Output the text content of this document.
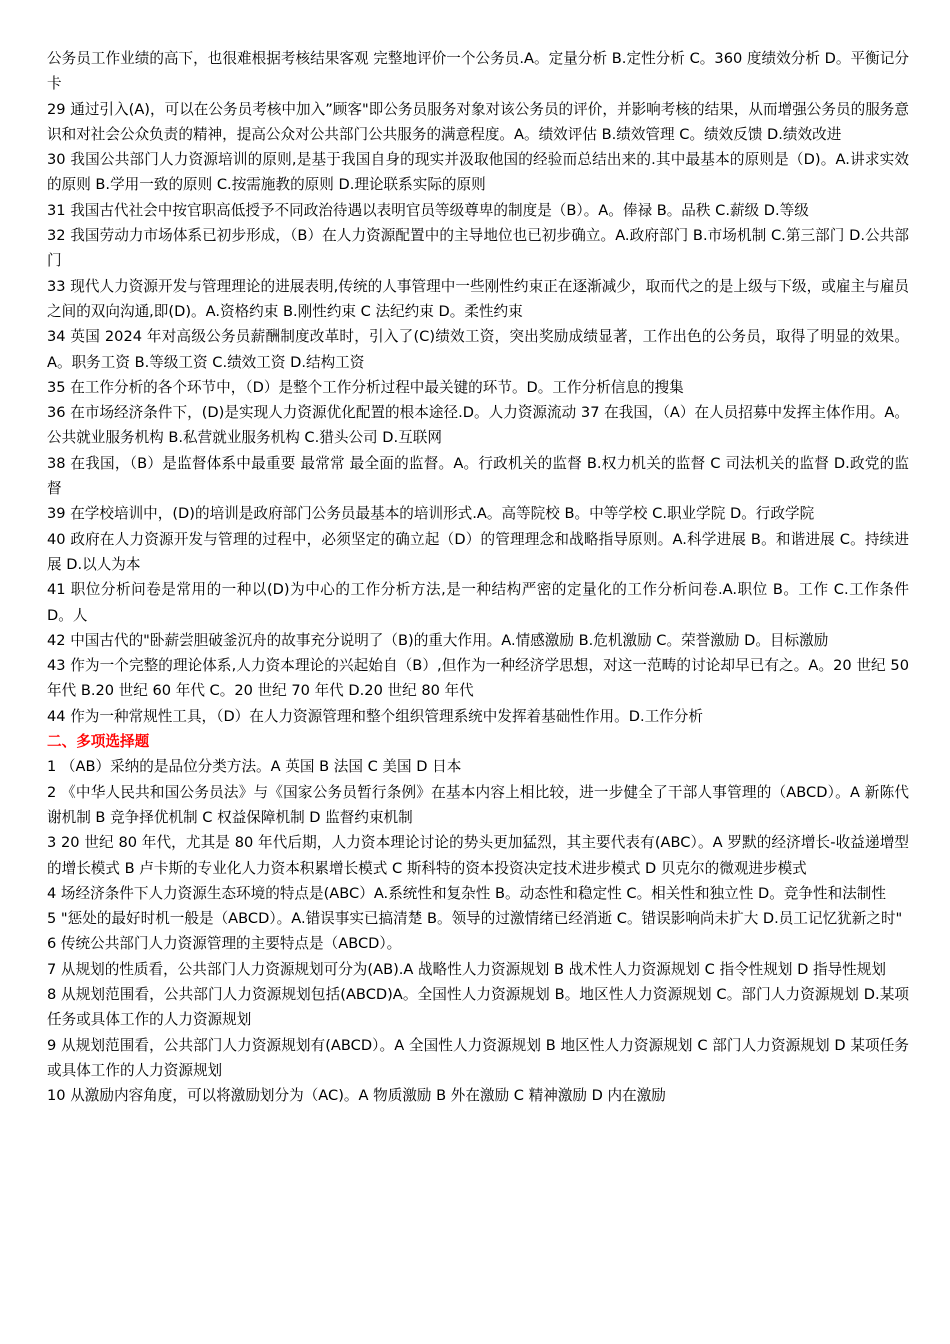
公务员工作业绩的高下，也很难根据考核结果客观 完整地评价一个公务员.A。定量分析 B.定性分析 C。360 度绩效分析 D。平衡记分卡

29 通过引入(A)，可以在公务员考核中加入”顾客"即公务员服务对象对该公务员的评价，并影响考核的结果，从而增强公务员的服务意识和对社会公众负责的精神，提高公众对公共部门公共服务的满意程度。A。绩效评估 B.绩效管理 C。绩效反馈 D.绩效改进

30 我国公共部门人力资源培训的原则,是基于我国自身的现实并汲取他国的经验而总结出来的.其中最基本的原则是（D)。A.讲求实效的原则 B.学用一致的原则 C.按需施教的原则 D.理论联系实际的原则

31 我国古代社会中按官职高低授予不同政治待遇以表明官员等级尊卑的制度是（B）。A。俸禄 B。品秩 C.薪级 D.等级

32 我国劳动力市场体系已初步形成，（B）在人力资源配置中的主导地位也已初步确立。A.政府部门 B.市场机制 C.第三部门 D.公共部门

33 现代人力资源开发与管理理论的进展表明,传统的人事管理中一些刚性约束正在逐渐减少，取而代之的是上级与下级，或雇主与雇员之间的双向沟通,即(D)。A.资格约束 B.刚性约束 C 法纪约束 D。柔性约束

34 英国 2024 年对高级公务员薪酬制度改革时，引入了(C)绩效工资，突出奖励成绩显著，工作出色的公务员，取得了明显的效果。A。职务工资 B.等级工资 C.绩效工资 D.结构工资

35 在工作分析的各个环节中，（D）是整个工作分析过程中最关键的环节。D。工作分析信息的搜集

36 在市场经济条件下，(D)是实现人力资源优化配置的根本途径.D。人力资源流动 37 在我国，（A）在人员招募中发挥主体作用。A。公共就业服务机构 B.私营就业服务机构 C.猎头公司 D.互联网

38 在我国，（B）是监督体系中最重要 最常常 最全面的监督。A。行政机关的监督 B.权力机关的监督 C 司法机关的监督 D.政党的监督

39 在学校培训中，(D)的培训是政府部门公务员最基本的培训形式.A。高等院校 B。中等学校 C.职业学院 D。行政学院

40 政府在人力资源开发与管理的过程中，必须坚定的确立起（D）的管理理念和战略指导原则。A.科学进展 B。和谐进展 C。持续进展 D.以人为本

41 职位分析问卷是常用的一种以(D)为中心的工作分析方法,是一种结构严密的定量化的工作分析问卷.A.职位 B。工作 C.工作条件 D。人

42 中国古代的"卧薪尝胆破釜沉舟的故事充分说明了（B)的重大作用。A.情感激励 B.危机激励 C。荣誉激励 D。目标激励

43 作为一个完整的理论体系,人力资本理论的兴起始自（B）,但作为一种经济学思想，对这一范畴的讨论却早已有之。A。20 世纪 50 年代 B.20 世纪 60 年代 C。20 世纪 70 年代 D.20 世纪 80 年代

44 作为一种常规性工具，（D）在人力资源管理和整个组织管理系统中发挥着基础性作用。D.工作分析

二、多项选择题

1 （AB）采纳的是品位分类方法。A 英国 B 法国 C 美国 D 日本

2 《中华人民共和国公务员法》与《国家公务员暂行条例》在基本内容上相比较，进一步健全了干部人事管理的（ABCD）。A 新陈代谢机制 B 竞争择优机制 C 权益保障机制 D 监督约束机制

3 20 世纪 80 年代，尤其是 80 年代后期，人力资本理论讨论的势头更加猛烈，其主要代表有(ABC）。A 罗默的经济增长-收益递增型的增长模式 B 卢卡斯的专业化人力资本积累增长模式 C 斯科特的资本投资决定技术进步模式 D 贝克尔的微观进步模式

4 场经济条件下人力资源生态环境的特点是(ABC）A.系统性和复杂性 B。动态性和稳定性 C。相关性和独立性 D。竞争性和法制性

5 "惩处的最好时机一般是（ABCD）。A.错误事实已搞清楚 B。领导的过激情绪已经消逝 C。错误影响尚未扩大 D.员工记忆犹新之时"

6 传统公共部门人力资源管理的主要特点是（ABCD）。

7 从规划的性质看，公共部门人力资源规划可分为(AB).A 战略性人力资源规划 B 战术性人力资源规划 C 指令性规划 D 指导性规划

8 从规划范围看，公共部门人力资源规划包括(ABCD)A。全国性人力资源规划 B。地区性人力资源规划 C。部门人力资源规划 D.某项任务或具体工作的人力资源规划

9 从规划范围看，公共部门人力资源规划有(ABCD）。A 全国性人力资源规划 B 地区性人力资源规划 C 部门人力资源规划 D 某项任务或具体工作的人力资源规划

10 从激励内容角度，可以将激励划分为（AC)。A 物质激励 B 外在激励 C 精神激励 D 内在激励
